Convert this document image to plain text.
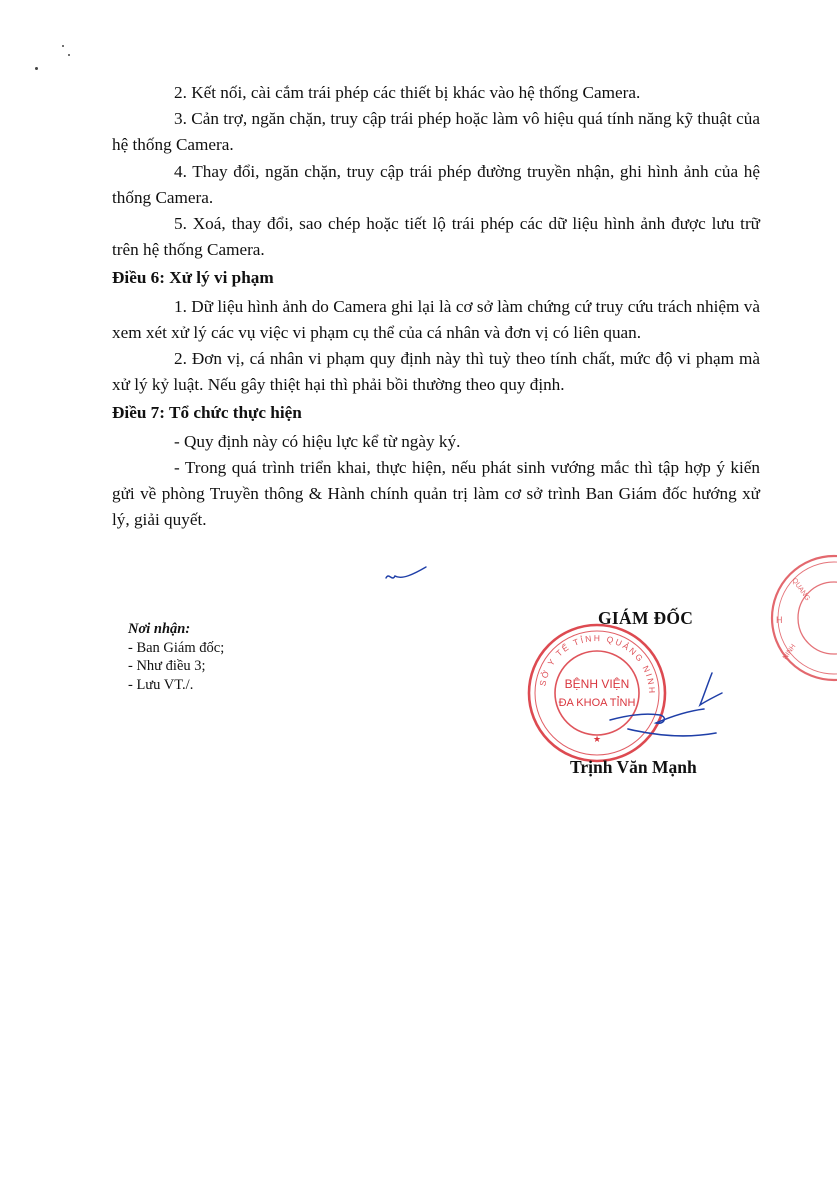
2. Kết nối, cài cắm trái phép các thiết bị khác vào hệ thống Camera.

3. Cản trợ, ngăn chặn, truy cập trái phép hoặc làm vô hiệu quá tính năng kỹ thuật của hệ thống Camera.

4. Thay đổi, ngăn chặn, truy cập trái phép đường truyền nhận, ghi hình ảnh của hệ thống Camera.

5. Xoá, thay đổi, sao chép hoặc tiết lộ trái phép các dữ liệu hình ảnh được lưu trữ trên hệ thống Camera.

Điều 6: Xử lý vi phạm

1. Dữ liệu hình ảnh do Camera ghi lại là cơ sở làm chứng cứ truy cứu trách nhiệm và xem xét xử lý các vụ việc vi phạm cụ thể của cá nhân và đơn vị có liên quan.

2. Đơn vị, cá nhân vi phạm quy định này thì tuỳ theo tính chất, mức độ vi phạm mà xử lý kỷ luật. Nếu gây thiệt hại thì phải bồi thường theo quy định.

Điều 7: Tổ chức thực hiện

- Quy định này có hiệu lực kể từ ngày ký.

- Trong quá trình triển khai, thực hiện, nếu phát sinh vướng mắc thì tập hợp ý kiến gửi về phòng Truyền thông & Hành chính quản trị làm cơ sở trình Ban Giám đốc hướng xử lý, giải quyết.

Nơi nhận:
- Ban Giám đốc;
- Như điều 3;
- Lưu VT./.	SỞ Y TẾ TỈNH QUẢNG NINH
BỆNH VIỆN
ĐA KHOA TỈNH
★
QUANG
NINH
H
GIÁM ĐỐC
Trịnh Văn Mạnh
